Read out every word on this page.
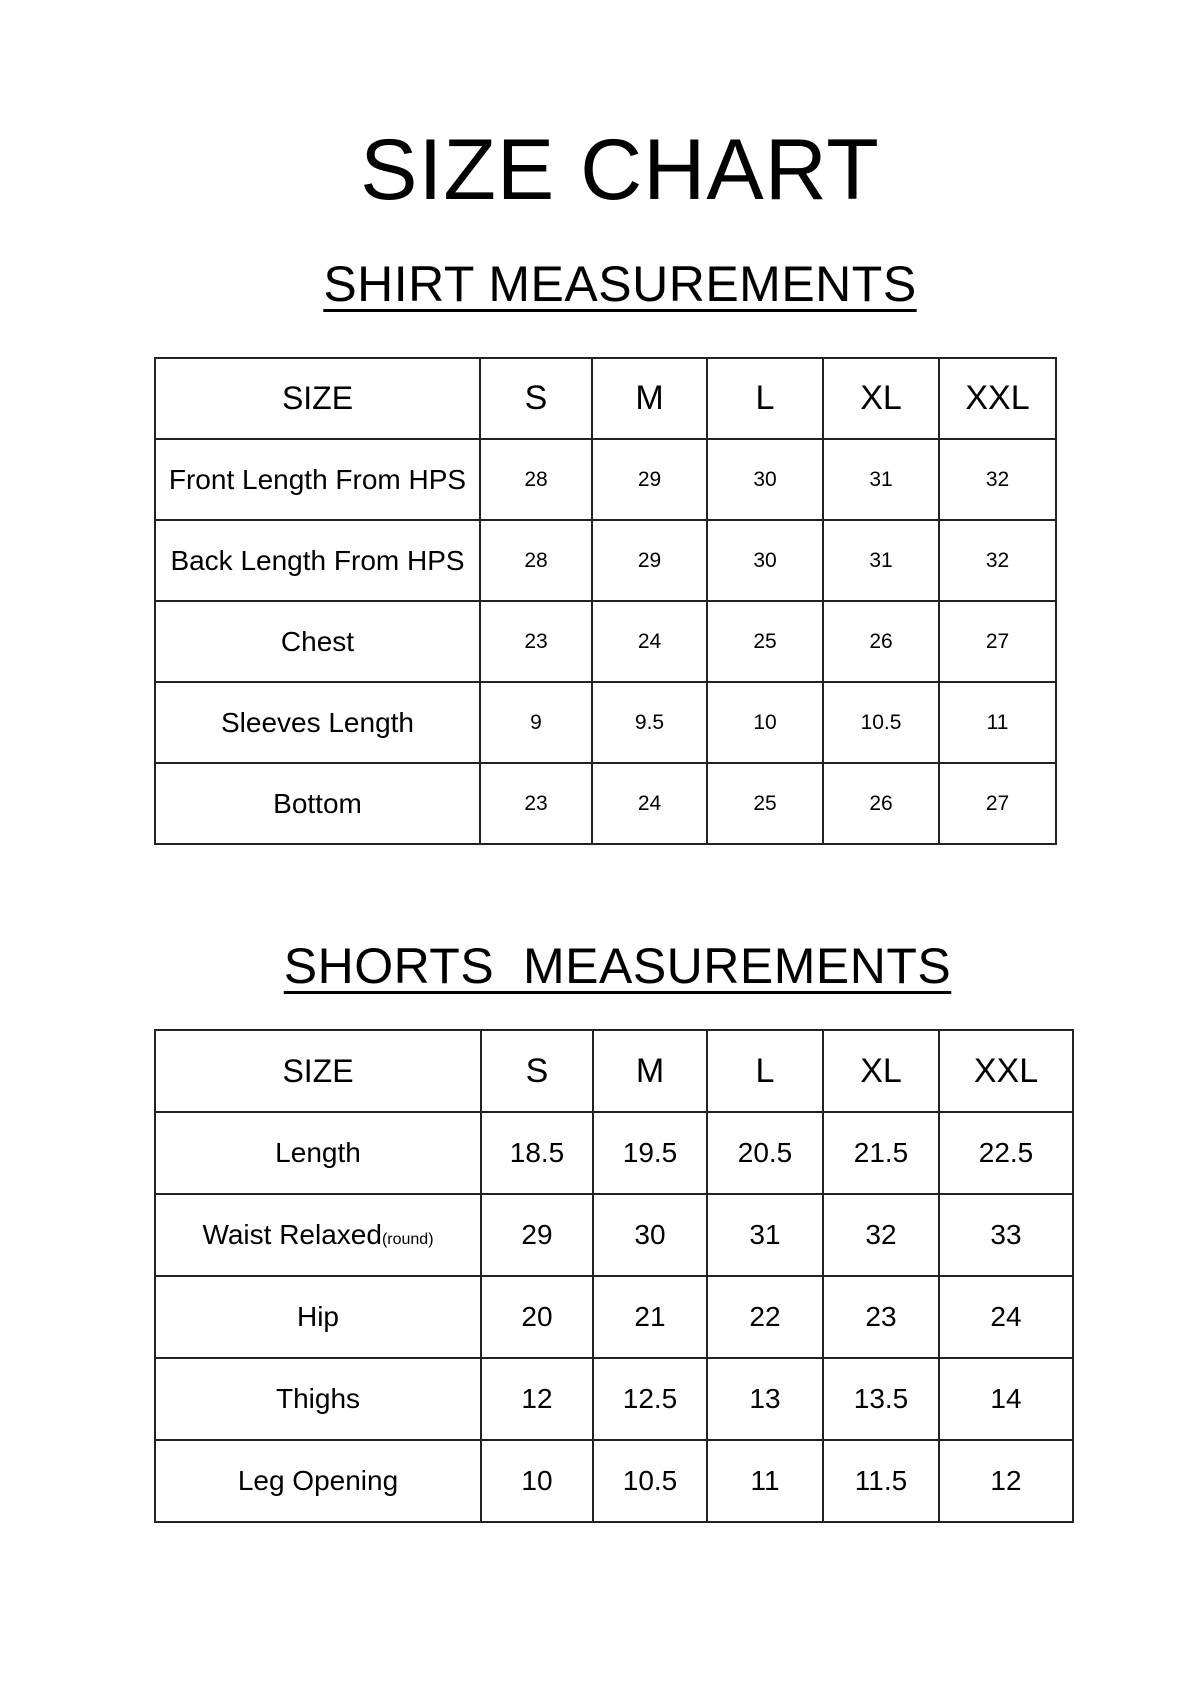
SIZE CHART
SHIRT MEASUREMENTS
SIZE	S	M	L	XL	XXL
Front Length From HPS	28	29	30	31	32
Back Length From HPS	28	29	30	31	32
Chest	23	24	25	26	27
Sleeves Length	9	9.5	10	10.5	11
Bottom	23	24	25	26	27
SHORTS  MEASUREMENTS
SIZE	S	M	L	XL	XXL
Length	18.5	19.5	20.5	21.5	22.5
Waist Relaxed(round)	29	30	31	32	33
Hip	20	21	22	23	24
Thighs	12	12.5	13	13.5	14
Leg Opening	10	10.5	11	11.5	12
